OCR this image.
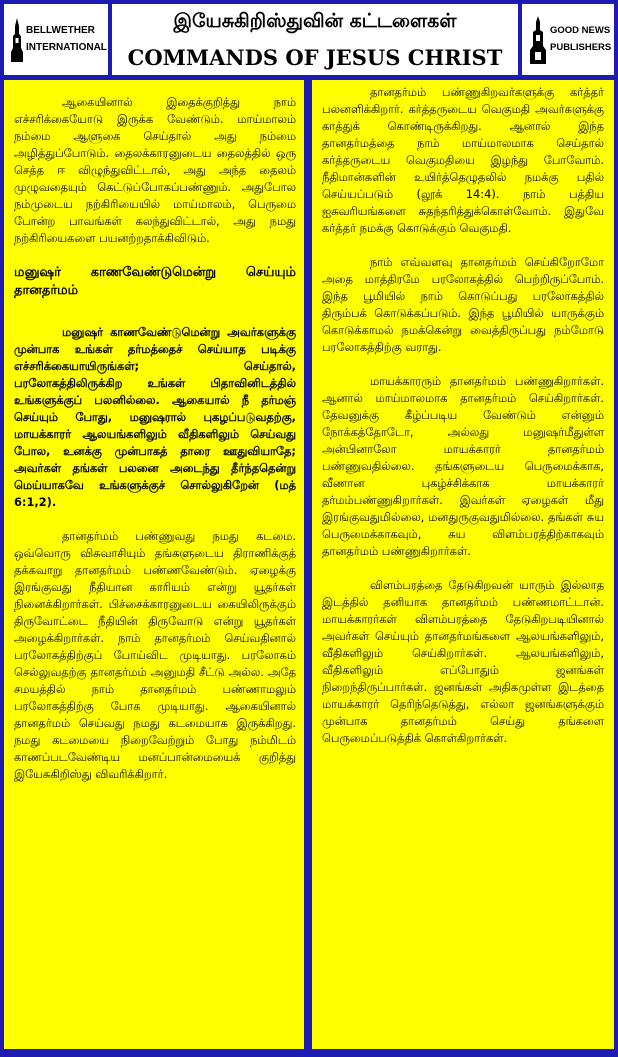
BELLWETHER
INTERNATIONAL
இயேசுகிறிஸ்துவின் கட்டளைகள்
COMMANDS OF JESUS CHRIST
GOOD NEWS
PUBLISHERS

ஆகையினால் இதைக்குறித்து நாம் எச்சரிக்கையோடு இருக்க வேண்டும். மாய்மாலம் நம்மை ஆளுகை செய்தால் அது நம்மை அழித்துப்போடும். தைலக்காரனுடைய தைலத்தில் ஒரு செத்த ஈ விழுந்துவிட்டால், அது அந்த தைலம் முழுவதையும் கெட்டுப்போகப்பண்ணும். அதுபோல நம்முடைய நற்கிரியையில் மாய்மாலம், பெருமை போன்ற பாவங்கள் கலந்துவிட்டால், அது நமது நற்கிரியைகளை பயனற்றதாக்கிவிடும்.

மனுஷர் காணவேண்டுமென்று செய்யும் தானதர்மம்

மனுஷர் காணவேண்டுமென்று அவர்களுக்கு முன்பாக உங்கள் தர்மத்தைச் செய்யாத படிக்கு எச்சரிக்கையாயிருங்கள்; செய்தால், பரலோகத்திலிருக்கிற உங்கள் பிதாவினிடத்தில் உங்களுக்குப் பலனில்லை. ஆகையால் நீ தர்மஞ் செய்யும் போது, மனுஷரால் புகழப்படுவதற்கு, மாயக்காரர் ஆலயங்களிலும் வீதிகளிலும் செய்வது போல, உனக்கு முன்பாகத் தாரை ஊதுவியாதே; அவர்கள் தங்கள் பலனை அடைந்து தீர்ந்ததென்று மெய்யாகவே உங்களுக்குச் சொல்லுகிறேன் (மத் 6:1,2).

தானதர்மம் பண்ணுவது நமது கடமை. ஒவ்வொரு விசுவாசியும் தங்களுடைய திராணிக்குத் தக்கவாறு தானதர்மம் பண்ணவேண்டும். ஏழைக்கு இரங்குவது நீதியான காரியம் என்று யூதர்கள் நினைக்கிறார்கள். பிச்சைக்காரனுடைய கையிலிருக்கும் திருவோட்டை நீதியின் திருவோடு என்று யூதர்கள் அழைக்கிறார்கள். நாம் தானதர்மம் செய்வதினால் பரலோகத்திற்குப் போய்விட முடியாது. பரலோகம் செல்லுவதற்கு தானதர்மம் அனுமதி சீட்டு அல்ல. அதே சமயத்தில் நாம் தானதர்மம் பண்ணாமலும் பரலோகத்திற்கு போக முடியாது. ஆகையினால் தானதர்மம் செய்வது நமது கடமையாக இருக்கிறது. நமது கடமையை நிறைவேற்றும் போது நம்மிடம் காணப்படவேண்டிய மனப்பான்மையைக் குறித்து இயேசுகிறிஸ்து விவரிக்கிறார்.

தானதர்மம் பண்ணுகிறவர்களுக்கு கர்த்தர் பலனளிக்கிறார். கர்த்தருடைய வெகுமதி அவர்களுக்கு காத்துக் கொண்டிருக்கிறது. ஆனால் இந்த தானதர்மத்தை நாம் மாய்மாலமாக செய்தால் கர்த்தருடைய வெகுமதியை இழந்து போவோம். நீதிமான்களின் உயிர்த்தெழுதலில் நமக்கு பதில் செய்யப்படும் (லூக் 14:4). நாம் பத்திய ஐசுவரியங்களை சுதந்தரித்துக்கொள்வோம். இதுவே கர்த்தர் நமக்கு கொடுக்கும் வெகுமதி.

நாம் எவ்வளவு தானதர்மம் செய்கிறோமோ அதை மாத்திரமே பரலோகத்தில் பெற்றிருப்போம். இந்த பூமியில் நாம் கொடுப்பது பரலோகத்தில் திரும்பக் கொடுக்கப்படும். இந்த பூமியில் யாருக்கும் கொடுக்காமல் நமக்கென்று வைத்திருப்பது நம்மோடு பரலோகத்திற்கு வராது.

மாயக்காரரும் தானதர்மம் பண்ணுகிறார்கள். ஆனால் மாய்மாலமாக தானதர்மம் செய்கிறார்கள். தேவனுக்கு கீழ்ப்படிய வேண்டும் என்னும் நோக்கத்தோடோ, அல்லது மனுஷர்மீதுள்ள அன்பினாலோ மாயக்காரர் தானதர்மம் பண்ணுவதில்லை. தங்களுடைய பெருமைக்காக, வீணான புகழ்ச்சிக்காக மாயக்காரர் தர்மம்பண்ணுகிறார்கள். இவர்கள் ஏழைகள் மீது இரங்குவதுமில்லை, மனதுருகுவதுமில்லை. தங்கள் சுய பெருமைக்காகவும், சுய விளம்பரத்திற்காகவும் தானதர்மம் பண்ணுகிறார்கள்.

விளம்பரத்தை தேடுகிறவன் யாரும் இல்லாத இடத்தில் தனியாக தானதர்மம் பண்ணமாட்டான். மாயக்காரர்கள் விளம்பரத்தை தேடுகிறபடியினால் அவர்கள் செய்யும் தானதர்மங்களை ஆலயங்களிலும், வீதிகளிலும் செய்கிறார்கள். ஆலயங்களிலும், வீதிகளிலும் எப்போதும் ஜனங்கள் நிறைந்திருப்பார்கள். ஜனங்கள் அதிகமுள்ள இடத்தை மாயக்காரர் தெரிந்தெடுத்து, எல்லா ஜனங்களுக்கும் முன்பாக தானதர்மம் செய்து தங்களை பெருமைப்படுத்திக் கொள்கிறார்கள்.
